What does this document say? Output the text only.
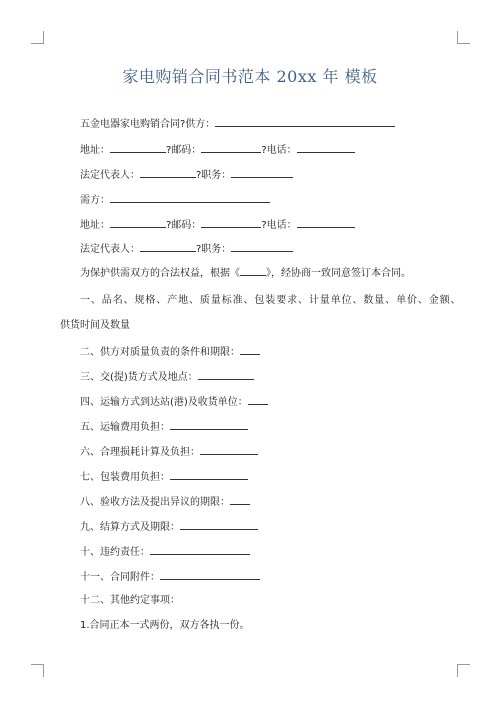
家电购销合同书范本 20xx 年 模板
五金电器家电购销合同?供方：
地址：	?邮码：	?电话：
法定代表人：	?职务：
需方：
地址：	?邮码：	?电话：
法定代表人：	?职务：
为保护供需双方的合法权益，根据《	》，经协商一致同意签订本合同。
一、品名、规格、产地、质量标准、包装要求、计量单位、数量、单价、金额、
供货时间及数量
二、供方对质量负责的条件和期限：
三、交(提)货方式及地点：
四、运输方式到达站(港)及收货单位：
五、运输费用负担：
六、合理损耗计算及负担：
七、包装费用负担：
八、验收方法及提出异议的期限：
九、结算方式及期限：
十、违约责任：
十一、合同附件：
十二、其他约定事项：
1.合同正本一式两份，双方各执一份。
